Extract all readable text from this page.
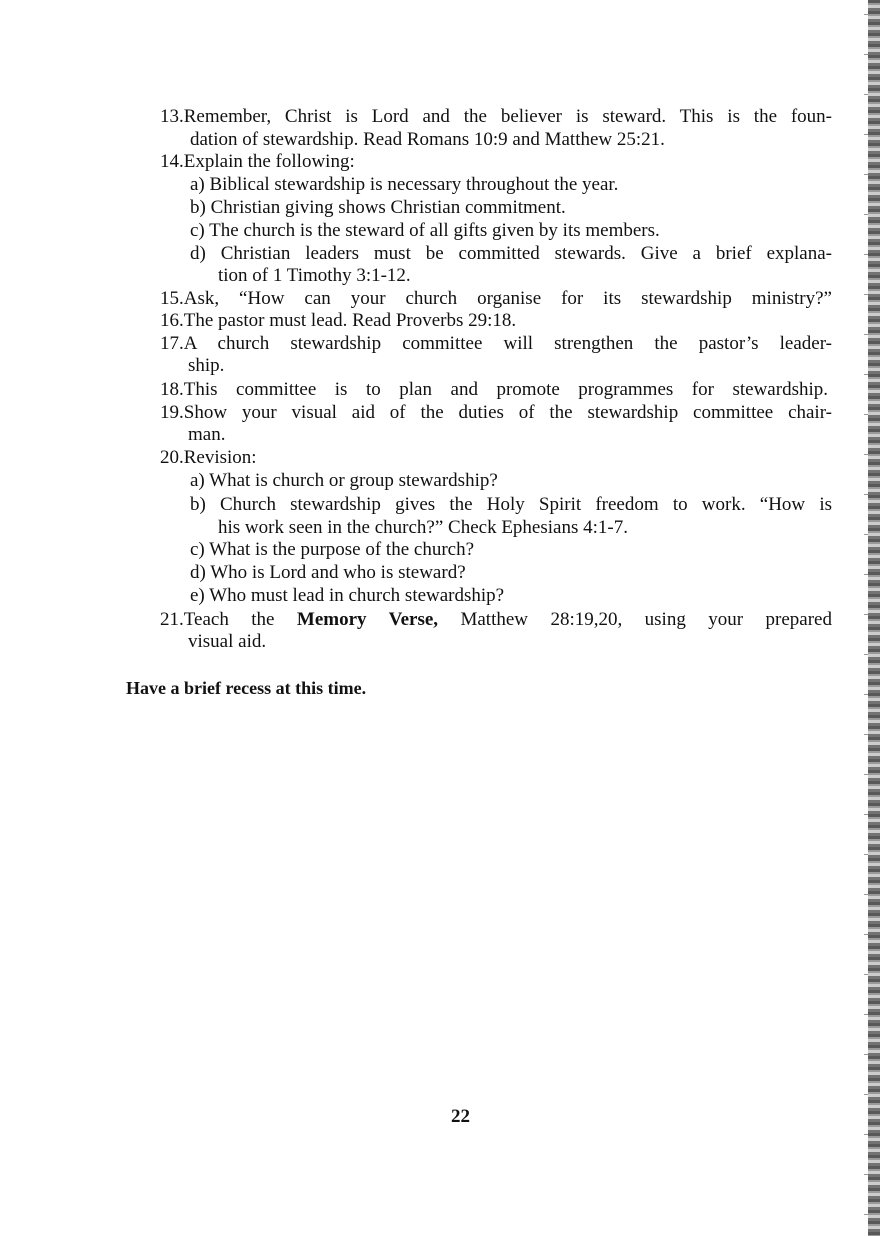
13.Remember, Christ is Lord and the believer is steward. This is the foun-
dation of stewardship. Read Romans 10:9 and Matthew 25:21.
14.Explain the following:
a) Biblical stewardship is necessary throughout the year.
b) Christian giving shows Christian commitment.
c) The church is the steward of all gifts given by its members.
d) Christian leaders must be committed stewards. Give a brief explana-
tion of 1 Timothy 3:1-12.
15.Ask, “How can your church organise for its stewardship ministry?”
16.The pastor must lead. Read Proverbs 29:18.
17.A church stewardship committee will strengthen the pastor’s leader-
ship.
18.This committee is to plan and promote programmes for stewardship.
19.Show your visual aid of the duties of the stewardship committee chair-
man.
20.Revision:
a) What is church or group stewardship?
b) Church stewardship gives the Holy Spirit freedom to work. “How is
his work seen in the church?” Check Ephesians 4:1-7.
c) What is the purpose of the church?
d) Who is Lord and who is steward?
e) Who must lead in church stewardship?
21.Teach the Memory Verse, Matthew 28:19,20, using your prepared
visual aid.
Have a brief recess at this time.
22
